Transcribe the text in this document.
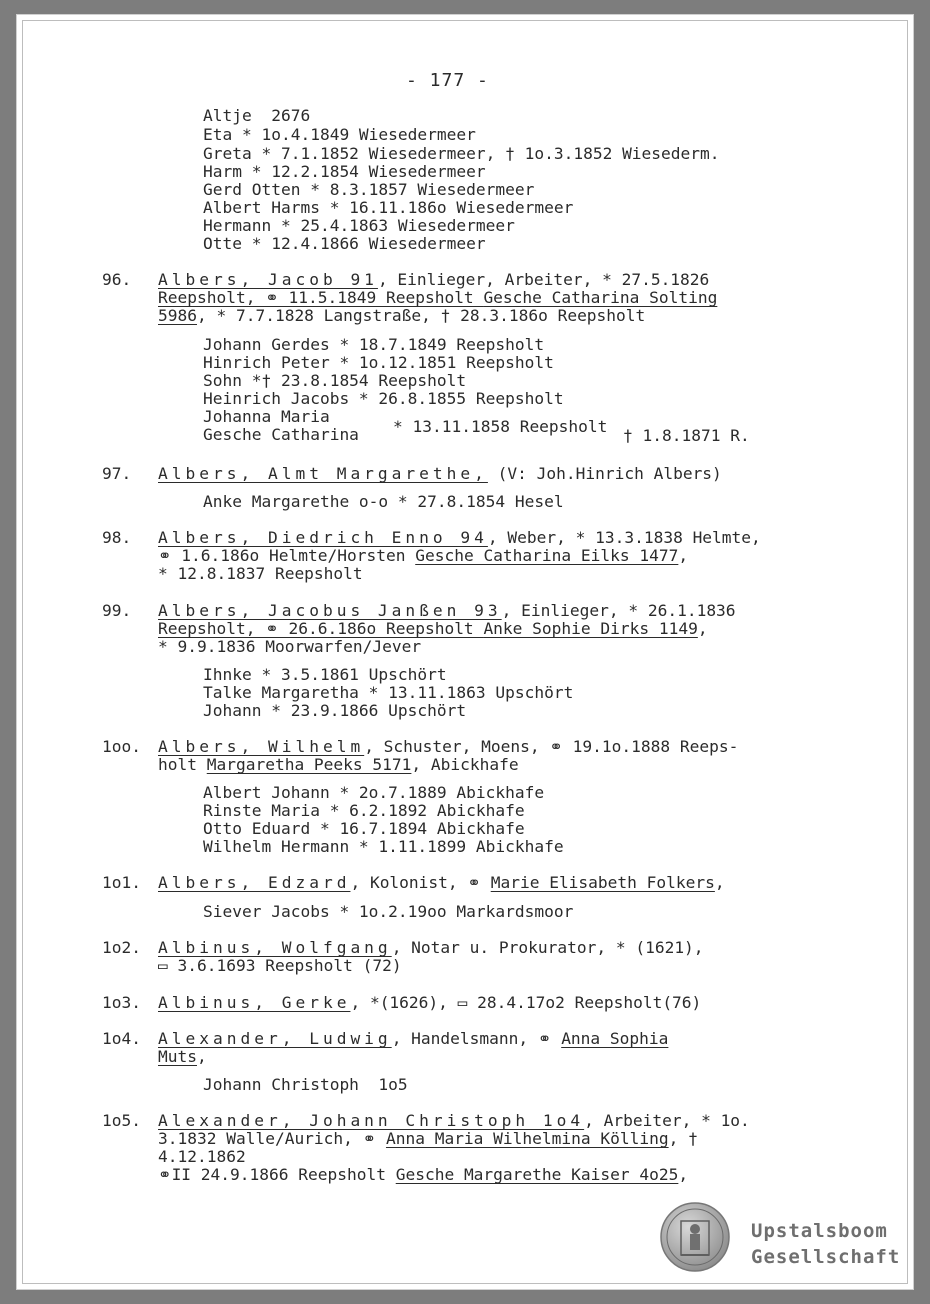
- 177 -
Altje  2676
Eta * 1o.4.1849 Wiesedermeer
Greta * 7.1.1852 Wiesedermeer, † 1o.3.1852 Wiesederm.
Harm * 12.2.1854 Wiesedermeer
Gerd Otten * 8.3.1857 Wiesedermeer
Albert Harms * 16.11.186o Wiesedermeer
Hermann * 25.4.1863 Wiesedermeer
Otte * 12.4.1866 Wiesedermeer
96. Albers, Jacob 91, Einlieger, Arbeiter, * 27.5.1826
Reepsholt, ⚭ 11.5.1849 Reepsholt Gesche Catharina Solting
5986, * 7.7.1828 Langstraße, † 28.3.186o Reepsholt
Johann Gerdes * 18.7.1849 Reepsholt
Hinrich Peter * 1o.12.1851 Reepsholt
Sohn *† 23.8.1854 Reepsholt
Heinrich Jacobs * 26.8.1855 Reepsholt
Johanna Maria
Gesche Catharina * 13.11.1858 Reepsholt † 1.8.1871 R.
97. Albers, Almt Margarethe, (V: Joh.Hinrich Albers)
Anke Margarethe o-o * 27.8.1854 Hesel
98. Albers, Diedrich Enno 94, Weber, * 13.3.1838 Helmte,
⚭ 1.6.186o Helmte/Horsten Gesche Catharina Eilks 1477,
* 12.8.1837 Reepsholt
99. Albers, Jacobus Janßen 93, Einlieger, * 26.1.1836
Reepsholt, ⚭ 26.6.186o Reepsholt Anke Sophie Dirks 1149,
* 9.9.1836 Moorwarfen/Jever
Ihnke * 3.5.1861 Upschört
Talke Margaretha * 13.11.1863 Upschört
Johann * 23.9.1866 Upschört
1oo. Albers, Wilhelm, Schuster, Moens, ⚭ 19.1o.1888 Reeps-
holt Margaretha Peeks 5171, Abickhafe
Albert Johann * 2o.7.1889 Abickhafe
Rinste Maria * 6.2.1892 Abickhafe
Otto Eduard * 16.7.1894 Abickhafe
Wilhelm Hermann * 1.11.1899 Abickhafe
1o1. Albers, Edzard, Kolonist, ⚭ Marie Elisabeth Folkers,
Siever Jacobs * 1o.2.19oo Markardsmoor
1o2. Albinus, Wolfgang, Notar u. Prokurator, * (1621),
▭ 3.6.1693 Reepsholt (72)
1o3. Albinus, Gerke, *(1626), ▭ 28.4.17o2 Reepsholt(76)
1o4. Alexander, Ludwig, Handelsmann, ⚭ Anna Sophia
Muts,
Johann Christoph  1o5
1o5. Alexander, Johann Christoph 1o4, Arbeiter, * 1o.
3.1832 Walle/Aurich, ⚭ Anna Maria Wilhelmina Kölling, †
4.12.1862
⚭II 24.9.1866 Reepsholt Gesche Margarethe Kaiser 4o25,
Upstalsboom
Gesellschaft
